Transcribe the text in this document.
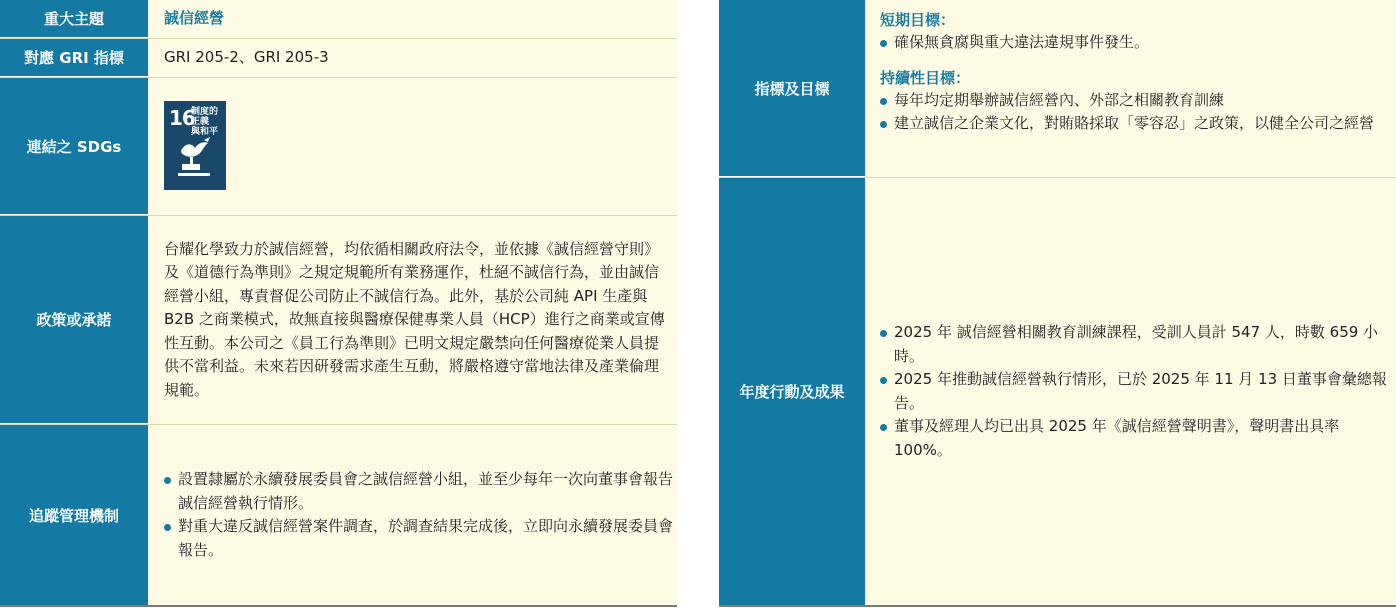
重大主題	誠信經營
對應 GRI 指標	GRI 205-2、GRI 205-3
連結之 SDGs
16
制度的正義
與和平
政策或承諾
台耀化學致力於誠信經營，均依循相關政府法令，並依據《誠信經營守則》及《道德行為準則》之規定規範所有業務運作，杜絕不誠信行為，並由誠信經營小組，專責督促公司防止不誠信行為。此外，基於公司純 API 生產與 B2B 之商業模式，故無直接與醫療保健專業人員（HCP）進行之商業或宣傳性互動。本公司之《員工行為準則》已明文規定嚴禁向任何醫療從業人員提供不當利益。未來若因研發需求產生互動，將嚴格遵守當地法律及產業倫理規範。
追蹤管理機制
設置隸屬於永續發展委員會之誠信經營小組，並至少每年一次向董事會報告誠信經營執行情形。
對重大違反誠信經營案件調查，於調查結果完成後，立即向永續發展委員會報告。
指標及目標
短期目標：
確保無貪腐與重大違法違規事件發生。
持續性目標：
每年均定期舉辦誠信經營內、外部之相關教育訓練
建立誠信之企業文化，對賄賂採取「零容忍」之政策，以健全公司之經營
年度行動及成果
2025 年 誠信經營相關教育訓練課程，受訓人員計 547 人，時數 659 小時。
2025 年推動誠信經營執行情形，已於 2025 年 11 月 13 日董事會彙總報告。
董事及經理人均已出具 2025 年《誠信經營聲明書》，聲明書出具率 100%。
